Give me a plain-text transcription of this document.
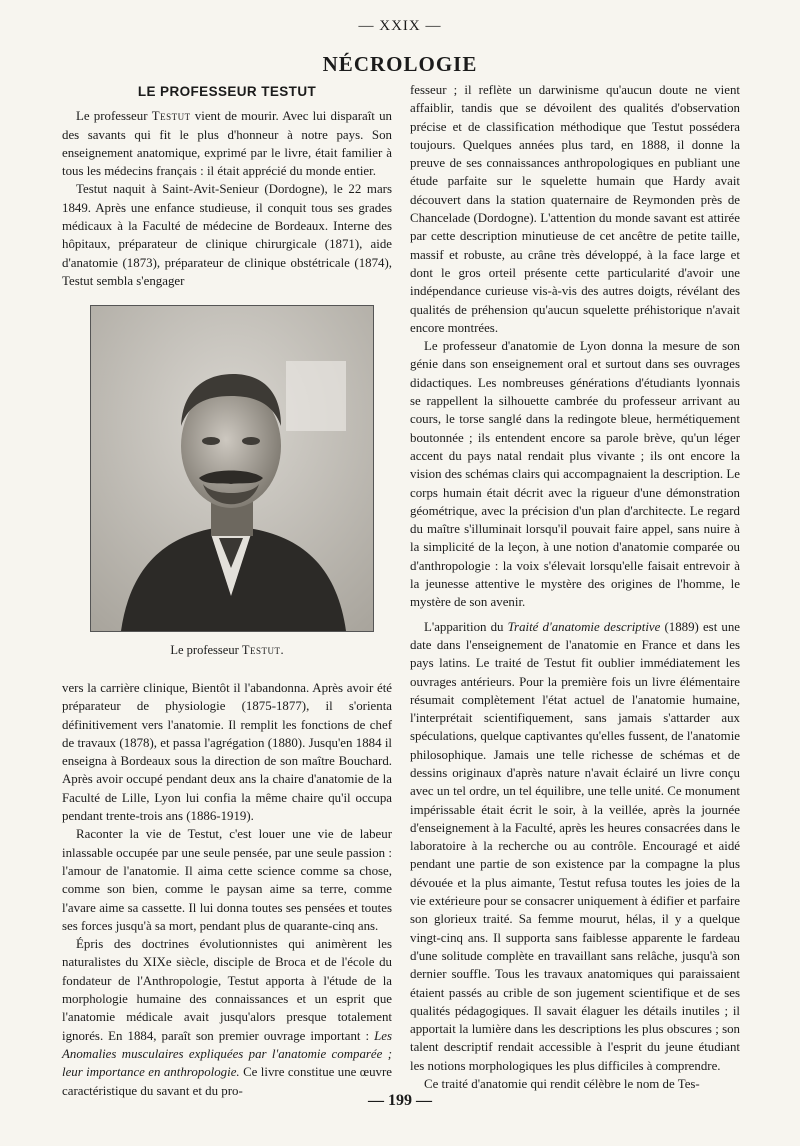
— XXIX —
NÉCROLOGIE
LE PROFESSEUR TESTUT

Le professeur Testut vient de mourir. Avec lui disparaît un des savants qui fit le plus d'honneur à notre pays. Son enseignement anatomique, exprimé par le livre, était familier à tous les médecins français : il était apprécié du monde entier.

Testut naquit à Saint-Avit-Senieur (Dordogne), le 22 mars 1849. Après une enfance studieuse, il conquit tous ses grades médicaux à la Faculté de médecine de Bordeaux. Interne des hôpitaux, préparateur de clinique chirurgicale (1871), aide d'anatomie (1873), préparateur de clinique obstétricale (1874), Testut sembla s'engager

Le professeur Testut.

vers la carrière clinique, Bientôt il l'abandonna. Après avoir été préparateur de physiologie (1875-1877), il s'orienta définitivement vers l'anatomie. Il remplit les fonctions de chef de travaux (1878), et passa l'agrégation (1880). Jusqu'en 1884 il enseigna à Bordeaux sous la direction de son maître Bouchard. Après avoir occupé pendant deux ans la chaire d'anatomie de la Faculté de Lille, Lyon lui confia la même chaire qu'il occupa pendant trente-trois ans (1886-1919).

Raconter la vie de Testut, c'est louer une vie de labeur inlassable occupée par une seule pensée, par une seule passion : l'amour de l'anatomie. Il aima cette science comme sa chose, comme son bien, comme le paysan aime sa terre, comme l'avare aime sa cassette. Il lui donna toutes ses pensées et toutes ses forces jusqu'à sa mort, pendant plus de quarante-cinq ans.

Épris des doctrines évolutionnistes qui animèrent les naturalistes du XIXe siècle, disciple de Broca et de l'école du fondateur de l'Anthropologie, Testut apporta à l'étude de la morphologie humaine des connaissances et un esprit que l'anatomie médicale avait jusqu'alors presque totalement ignorés. En 1884, paraît son premier ouvrage important : Les Anomalies musculaires expliquées par l'anatomie comparée ; leur importance en anthropologie. Ce livre constitue une œuvre caractéristique du savant et du pro-

fesseur ; il reflète un darwinisme qu'aucun doute ne vient affaiblir, tandis que se dévoilent des qualités d'observation précise et de classification méthodique que Testut possédera toujours. Quelques années plus tard, en 1888, il donne la preuve de ses connaissances anthropologiques en publiant une étude parfaite sur le squelette humain que Hardy avait découvert dans la station quaternaire de Reymonden près de Chancelade (Dordogne). L'attention du monde savant est attirée par cette description minutieuse de cet ancêtre de petite taille, massif et robuste, au crâne très développé, à la face large et dont le gros orteil présente cette particularité d'avoir une indépendance curieuse vis-à-vis des autres doigts, révélant des qualités de préhension qu'aucun squelette préhistorique n'avait encore montrées.

Le professeur d'anatomie de Lyon donna la mesure de son génie dans son enseignement oral et surtout dans ses ouvrages didactiques. Les nombreuses générations d'étudiants lyonnais se rappellent la silhouette cambrée du professeur arrivant au cours, le torse sanglé dans la redingote bleue, hermétiquement boutonnée ; ils entendent encore sa parole brève, qu'un léger accent du pays natal rendait plus vivante ; ils ont encore la vision des schémas clairs qui accompagnaient la description. Le corps humain était décrit avec la rigueur d'une démonstration géométrique, avec la précision d'un plan d'architecte. Le regard du maître s'illuminait lorsqu'il pouvait faire appel, sans nuire à la simplicité de la leçon, à une notion d'anatomie comparée ou d'anthropologie : la voix s'élevait lorsqu'elle faisait entrevoir à la jeunesse attentive le mystère des origines de l'homme, le mystère de son avenir.

L'apparition du Traité d'anatomie descriptive (1889) est une date dans l'enseignement de l'anatomie en France et dans les pays latins. Le traité de Testut fit oublier immédiatement les ouvrages antérieurs. Pour la première fois un livre élémentaire résumait complètement l'état actuel de l'anatomie humaine, l'interprétait scientifiquement, sans jamais s'attarder aux spéculations, quelque captivantes qu'elles fussent, de l'anatomie philosophique. Jamais une telle richesse de schémas et de dessins originaux d'après nature n'avait éclairé un livre conçu avec un tel ordre, un tel équilibre, une telle unité. Ce monument impérissable était écrit le soir, à la veillée, après la journée d'enseignement à la Faculté, après les heures consacrées dans le laboratoire à la recherche ou au contrôle. Encouragé et aidé pendant une partie de son existence par la compagne la plus dévouée et la plus aimante, Testut refusa toutes les joies de la vie extérieure pour se consacrer uniquement à édifier et parfaire son glorieux traité. Sa femme mourut, hélas, il y a quelque vingt-cinq ans. Il supporta sans faiblesse apparente le fardeau d'une solitude complète en travaillant sans relâche, jusqu'à son dernier souffle. Tous les travaux anatomiques qui paraissaient étaient passés au crible de son jugement scientifique et de ses qualités pédagogiques. Il savait élaguer les détails inutiles ; il apportait la lumière dans les descriptions les plus obscures ; son talent descriptif rendait accessible à l'esprit du jeune étudiant les notions morphologiques les plus difficiles à comprendre.

Ce traité d'anatomie qui rendit célèbre le nom de Tes-

— 199 —
